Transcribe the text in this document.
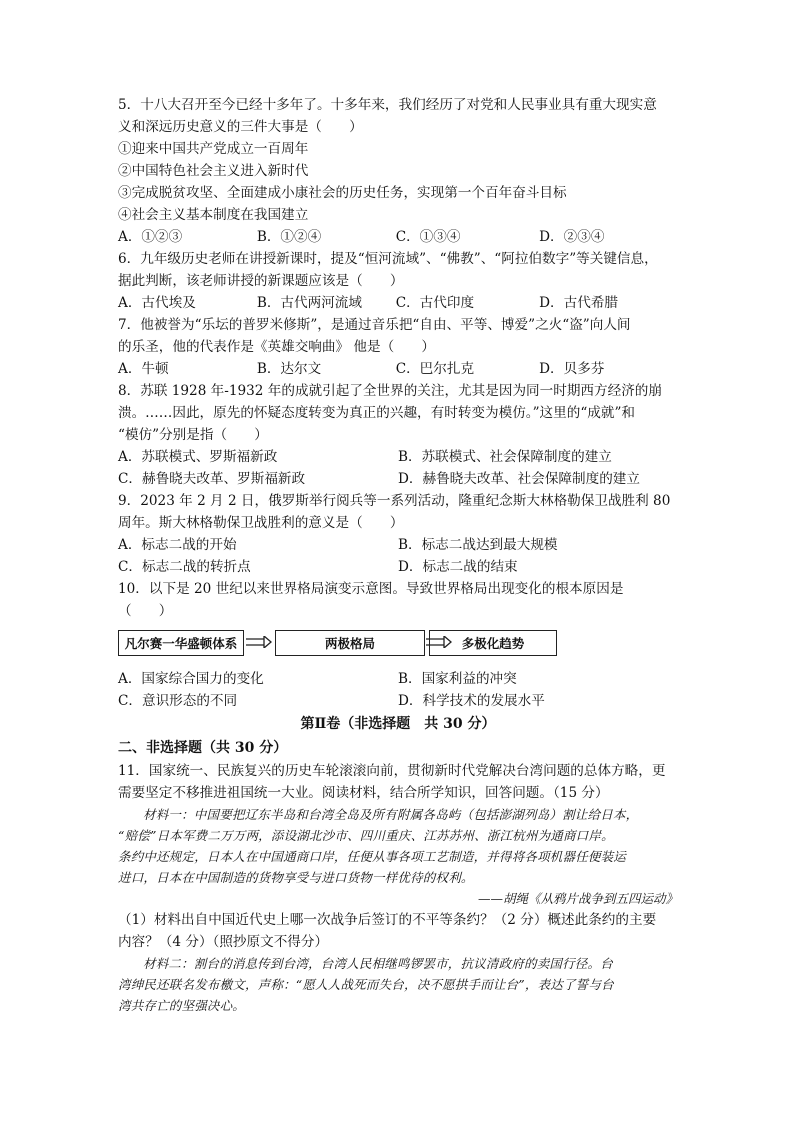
5．十八大召开至今已经十多年了。十多年来，我们经历了对党和人民事业具有重大现实意
义和深远历史意义的三件大事是（　　）
①迎来中国共产党成立一百周年
②中国特色社会主义进入新时代
③完成脱贫攻坚、全面建成小康社会的历史任务，实现第一个百年奋斗目标
④社会主义基本制度在我国建立
A．①②③	B．①②④	C．①③④	D．②③④
6．九年级历史老师在讲授新课时，提及“恒河流域”、“佛教”、“阿拉伯数字”等关键信息，
据此判断，该老师讲授的新课题应该是（　　）
A．古代埃及	B．古代两河流域	C．古代印度	D．古代希腊
7．他被誉为“乐坛的普罗米修斯”，是通过音乐把“自由、平等、博爱”之火“盗”向人间
的乐圣，他的代表作是《英雄交响曲》 他是（　　）
A．牛顿	B．达尔文	C．巴尔扎克	D．贝多芬
8．苏联 1928 年-1932 年的成就引起了全世界的关注，尤其是因为同一时期西方经济的崩
溃。……因此，原先的怀疑态度转变为真正的兴趣，有时转变为模仿。”这里的“成就”和
“模仿”分别是指（　　）
A．苏联模式、罗斯福新政	B．苏联模式、社会保障制度的建立
C．赫鲁晓夫改革、罗斯福新政	D．赫鲁晓夫改革、社会保障制度的建立
9．2023 年 2 月 2 日，俄罗斯举行阅兵等一系列活动，隆重纪念斯大林格勒保卫战胜利 80
周年。斯大林格勒保卫战胜利的意义是（　　）
A．标志二战的开始	B．标志二战达到最大规模
C．标志二战的转折点	D．标志二战的结束
10．以下是 20 世纪以来世界格局演变示意图。导致世界格局出现变化的根本原因是
（　　）
凡尔赛一华盛顿体系	两极格局	多极化趋势
A．国家综合国力的变化	B．国家利益的冲突
C．意识形态的不同	D．科学技术的发展水平
第Ⅱ卷（非选择题　共 30 分）
二、非选择题（共 30 分）
11．国家统一、民族复兴的历史车轮滚滚向前，贯彻新时代党解决台湾问题的总体方略，更
需要坚定不移推进祖国统一大业。阅读材料，结合所学知识，回答问题。（15 分）
材料一：中国要把辽东半岛和台湾全岛及所有附属各岛屿（包括澎湖列岛）割让给日本，
“赔偿”日本军费二万万两，添设湖北沙市、四川重庆、江苏苏州、浙江杭州为通商口岸。
条约中还规定，日本人在中国通商口岸，任便从事各项工艺制造，并得将各项机器任便装运
进口，日本在中国制造的货物享受与进口货物一样优待的权利。
——胡绳《从鸦片战争到五四运动》
（1）材料出自中国近代史上哪一次战争后签订的不平等条约？（2 分）概述此条约的主要
内容？（4 分）（照抄原文不得分）
材料二：割台的消息传到台湾，台湾人民相继鸣锣罢市，抗议清政府的卖国行径。台
湾绅民还联名发布檄文，声称：“愿人人战死而失台，决不愿拱手而让台”，表达了誓与台
湾共存亡的坚强决心。
